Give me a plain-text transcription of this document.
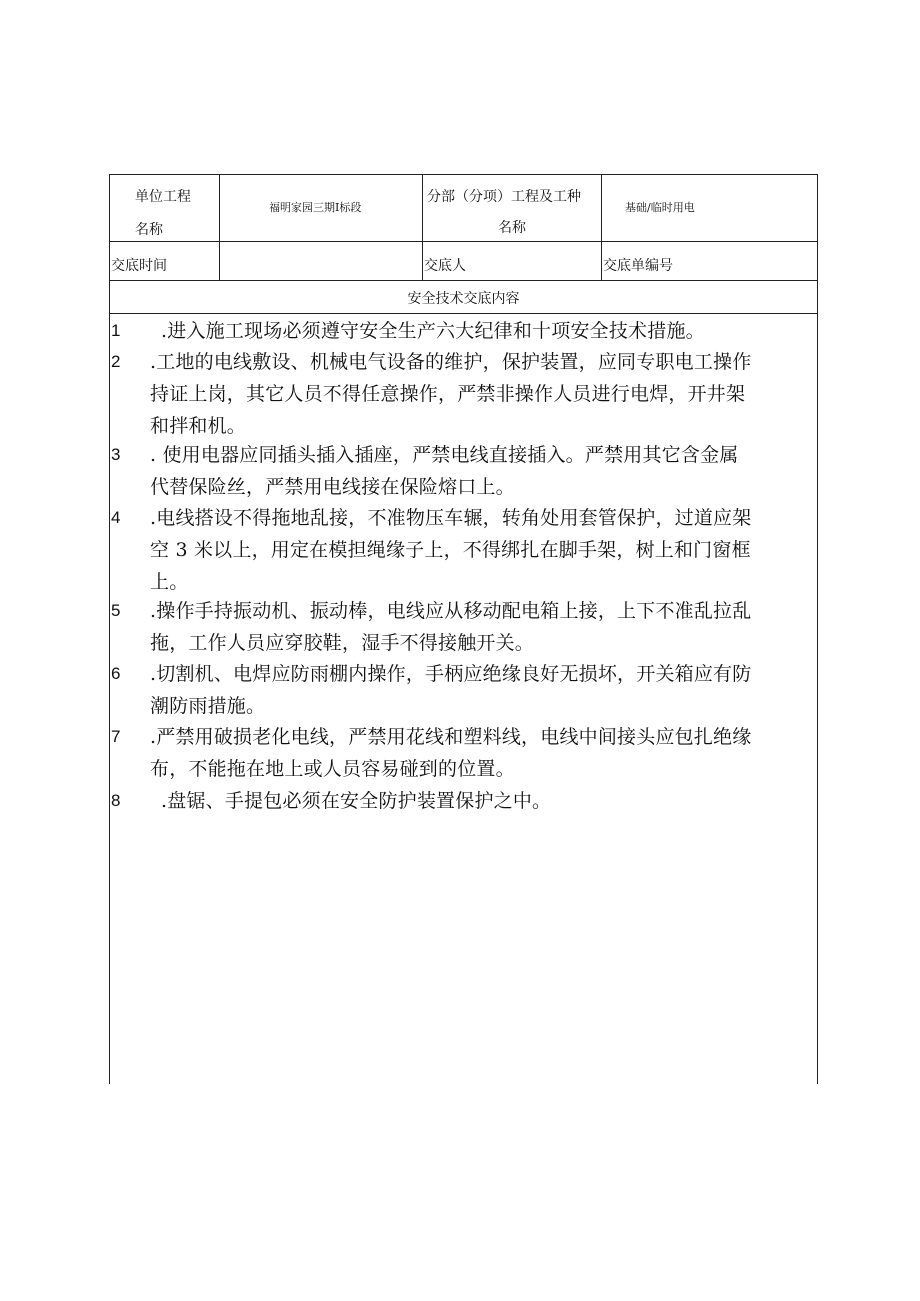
单位工程
名称
福明家园三期Ⅰ标段
分部（分项）工程及工种
名称
基础/临时用电
交底时间	交底人	交底单编号
安全技术交底内容
1 .进入施工现场必须遵守安全生产六大纪律和十项安全技术措施。
2 .工地的电线敷设、机械电气设备的维护，保护装置，应同专职电工操作
持证上岗，其它人员不得任意操作，严禁非操作人员进行电焊，开井架
和拌和机。
3 . 使用电器应同插头插入插座，严禁电线直接插入。严禁用其它含金属
代替保险丝，严禁用电线接在保险熔口上。
4 .电线搭设不得拖地乱接，不准物压车辗，转角处用套管保护，过道应架
空 3 米以上，用定在模担绳缘子上，不得绑扎在脚手架，树上和门窗框
上。
5 .操作手持振动机、振动棒，电线应从移动配电箱上接，上下不准乱拉乱
拖，工作人员应穿胶鞋，湿手不得接触开关。
6 .切割机、电焊应防雨棚内操作，手柄应绝缘良好无损坏，开关箱应有防
潮防雨措施。
7 .严禁用破损老化电线，严禁用花线和塑料线，电线中间接头应包扎绝缘
布，不能拖在地上或人员容易碰到的位置。
8 .盘锯、手提包必须在安全防护装置保护之中。
